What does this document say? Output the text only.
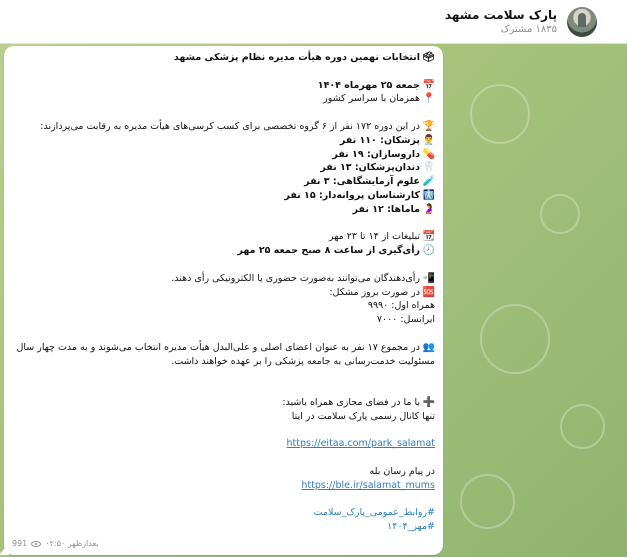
پارک سلامت مشهد
۱۸۳۵ مشترک
🗳
انتخابات نهمین دوره هیأت مدیره نظام پزشکی مشهد
📅
جمعه ۲۵ مهرماه ۱۴۰۴
📍
همزمان با سراسر کشور
🏆
در این دوره ۱۷۲ نفر از ۶ گروه تخصصی برای کسب کرسی‌های هیأت مدیره به رقابت می‌پردازند:
👨‍⚕️
پزشکان: ۱۱۰ نفر
💊
داروسازان: ۱۹ نفر
🦷
دندان‌پزشکان: ۱۳ نفر
🧪
علوم آزمایشگاهی: ۳ نفر
🩻
کارشناسان پروانه‌دار: ۱۵ نفر
🤰
ماماها: ۱۲ نفر
📆
تبلیغات از ۱۴ تا ۲۳ مهر
🕗
رأی‌گیری از ساعت ۸ صبح جمعه ۲۵ مهر
📲
رأی‌دهندگان می‌توانند به‌صورت حضوری یا الکترونیکی رأی دهند.
🆘
در صورت بروز مشکل:
همراه اول: ۹۹۹۰
ایرانسل: ۷۰۰۰
👥در مجموع ۱۷ نفر به عنوان اعضای اصلی و علی‌البدل هیأت مدیره انتخاب می‌شوند و به مدت چهار سال مسئولیت خدمت‌رسانی به جامعه پزشکی را بر عهده خواهند داشت.
➕
با ما در فضای مجازی همراه باشید:
تنها کانال رسمی پارک سلامت در ایتا
https://eitaa.com/park_salamat
در پیام رسان بله
https://ble.ir/salamat_mums
#روابط_عمومی_پارک_سلامت
#مهر_۱۴۰۴
991 ۰۲:۵۰ بعدازظهر
